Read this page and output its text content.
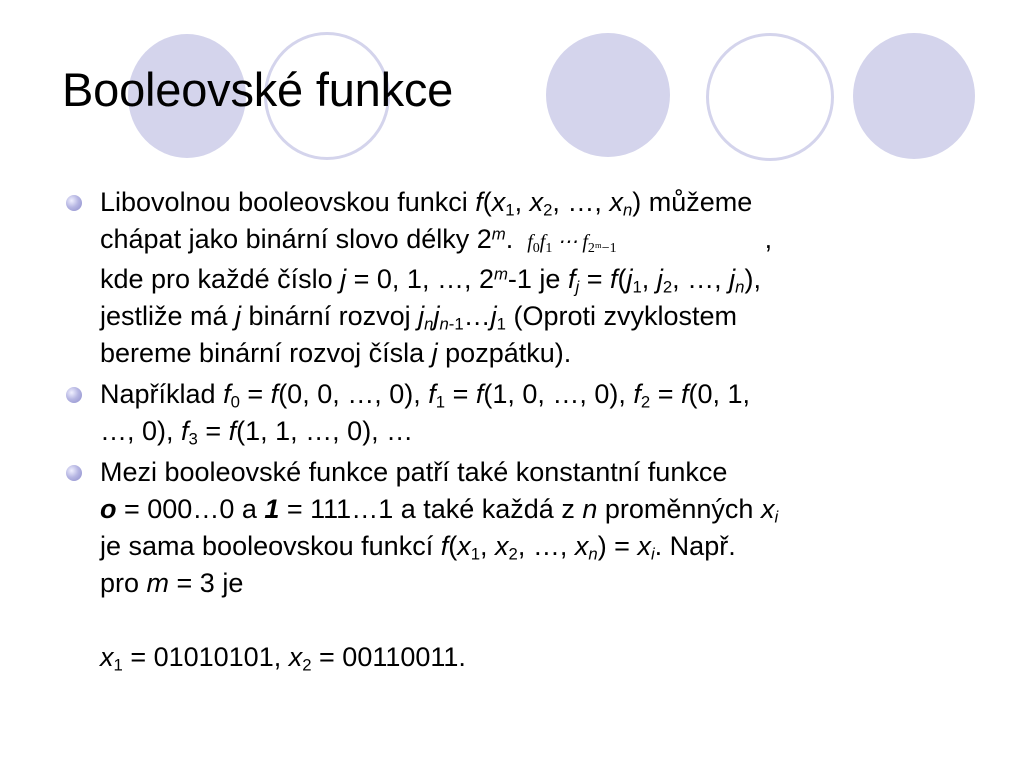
Booleovské funkce
Libovolnou booleovskou funkci $f(x_1$, $x_2$, …, $x_n$) můžeme
chápat jako binární slovo délky 2$^m$. $f_0f_1$ ⋯ $f_{2ᵐ-1}$	,
kde pro každé číslo j = 0, 1, …, 2$^m$-1 je $f_j = f(j_1$, $j_2$, …, $j_n$),
jestliže má j binární rozvoj $j_nj_{n-1}\dots j_1$ (Oproti zvyklostem
bereme binární rozvoj čísla j pozpátku).
Například $f_0 = f(0$, 0, …, 0), $f_1 = f(1$, 0, …, 0), $f_2 = f(0$, 1,
…, 0), $f_3 = f(1$, 1, …, 0), …
Mezi booleovské funkce patří také konstantní funkce
o = 000…0 a 1 = 111…1 a také každá z n proměnných $x_i$
je sama booleovskou funkcí $f(x_1$, $x_2$, …, $x_n) = x_i$. Např.
pro m = 3 je
$x_1 = 01010101$, $x_2 = 00110011$.
